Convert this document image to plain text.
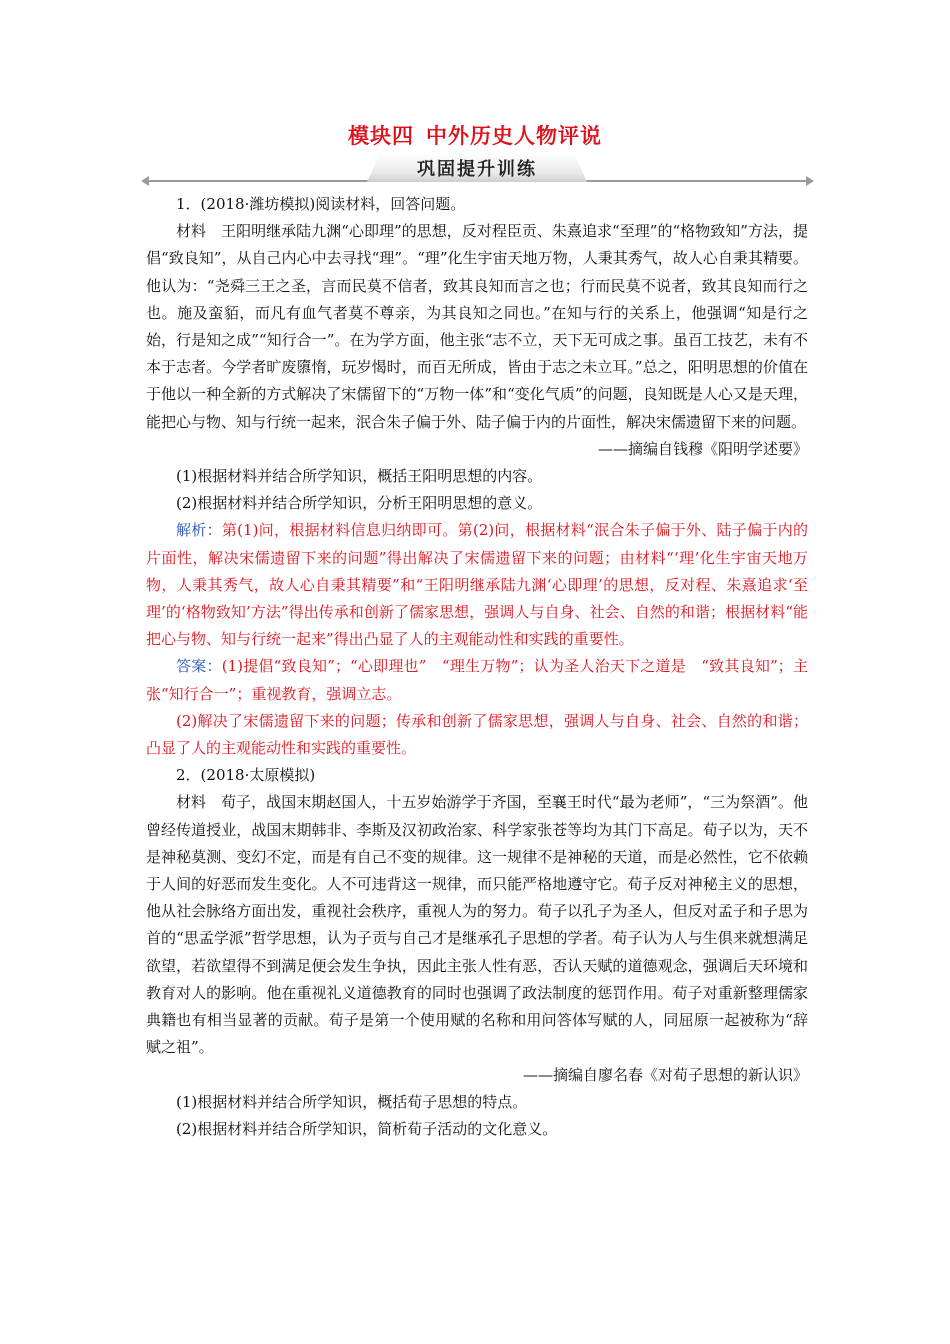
模块四 中外历史人物评说
巩固提升训练

1．(2018·潍坊模拟)阅读材料，回答问题。

材料　王阳明继承陆九渊“心即理”的思想，反对程臣贡、朱熹追求“至理”的“格物致知”方法，提倡“致良知”，从自己内心中去寻找“理”。“理”化生宇宙天地万物，人秉其秀气，故人心自秉其精要。他认为：“尧舜三王之圣，言而民莫不信者，致其良知而言之也；行而民莫不说者，致其良知而行之也。施及蛮貊，而凡有血气者莫不尊亲，为其良知之同也。”在知与行的关系上，他强调“知是行之始，行是知之成”“知行合一”。在为学方面，他主张“志不立，天下无可成之事。虽百工技艺，未有不本于志者。今学者旷废隳惰，玩岁愒时，而百无所成，皆由于志之未立耳。”总之，阳明思想的价值在于他以一种全新的方式解决了宋儒留下的“万物一体”和“变化气质”的问题，良知既是人心又是天理，能把心与物、知与行统一起来，泯合朱子偏于外、陆子偏于内的片面性，解决宋儒遗留下来的问题。

——摘编自钱穆《阳明学述要》

(1)根据材料并结合所学知识，概括王阳明思想的内容。

(2)根据材料并结合所学知识，分析王阳明思想的意义。

解析：第(1)问，根据材料信息归纳即可。第(2)问，根据材料“泯合朱子偏于外、陆子偏于内的片面性，解决宋儒遗留下来的问题”得出解决了宋儒遗留下来的问题；由材料“‘理’化生宇宙天地万物，人秉其秀气，故人心自秉其精要”和“王阳明继承陆九渊‘心即理’的思想，反对程、朱熹追求‘至理’的‘格物致知’方法”得出传承和创新了儒家思想，强调人与自身、社会、自然的和谐；根据材料“能把心与物、知与行统一起来”得出凸显了人的主观能动性和实践的重要性。

答案：(1)提倡“致良知”；“心即理也”　“理生万物”；认为圣人治天下之道是　“致其良知”；主张“知行合一”；重视教育，强调立志。

(2)解决了宋儒遗留下来的问题；传承和创新了儒家思想，强调人与自身、社会、自然的和谐；凸显了人的主观能动性和实践的重要性。

2．(2018·太原模拟)

材料　荀子，战国末期赵国人，十五岁始游学于齐国，至襄王时代“最为老师”，“三为祭酒”。他曾经传道授业，战国末期韩非、李斯及汉初政治家、科学家张苍等均为其门下高足。荀子以为，天不是神秘莫测、变幻不定，而是有自己不变的规律。这一规律不是神秘的天道，而是必然性，它不依赖于人间的好恶而发生变化。人不可违背这一规律，而只能严格地遵守它。荀子反对神秘主义的思想，他从社会脉络方面出发，重视社会秩序，重视人为的努力。荀子以孔子为圣人，但反对孟子和子思为首的“思孟学派”哲学思想，认为子贡与自己才是继承孔子思想的学者。荀子认为人与生俱来就想满足欲望，若欲望得不到满足便会发生争执，因此主张人性有恶，否认天赋的道德观念，强调后天环境和教育对人的影响。他在重视礼义道德教育的同时也强调了政法制度的惩罚作用。荀子对重新整理儒家典籍也有相当显著的贡献。荀子是第一个使用赋的名称和用问答体写赋的人，同屈原一起被称为“辞赋之祖”。

——摘编自廖名春《对荀子思想的新认识》

(1)根据材料并结合所学知识，概括荀子思想的特点。

(2)根据材料并结合所学知识，简析荀子活动的文化意义。
